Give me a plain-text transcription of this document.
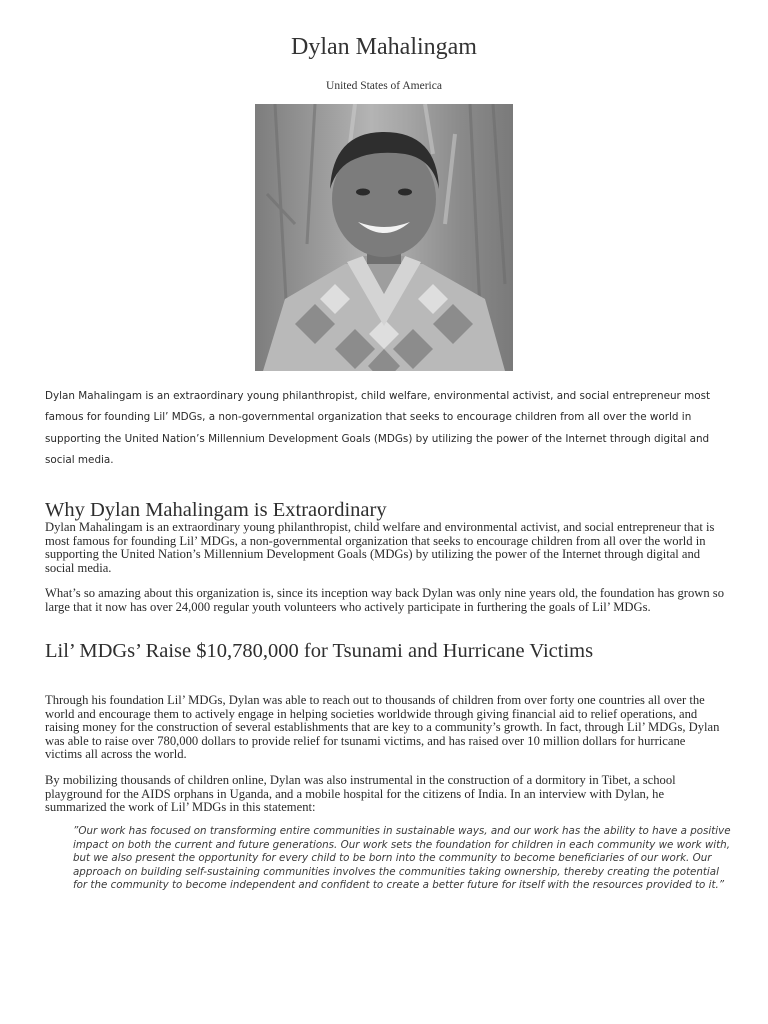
Dylan Mahalingam
United States of America

Dylan Mahalingam is an extraordinary young philanthropist, child welfare, environmental activist, and social entrepreneur most famous for founding Lil’ MDGs, a non-governmental organization that seeks to encourage children from all over the world in supporting the United Nation’s Millennium Development Goals (MDGs) by utilizing the power of the Internet through digital and social media.

Why Dylan Mahalingam is Extraordinary

Dylan Mahalingam is an extraordinary young philanthropist, child welfare and environmental activist, and social entrepreneur that is most famous for founding Lil’ MDGs, a non-governmental organization that seeks to encourage children from all over the world in supporting the United Nation’s Millennium Development Goals (MDGs) by utilizing the power of the Internet through digital and social media.

What’s so amazing about this organization is, since its inception way back Dylan was only nine years old, the foundation has grown so large that it now has over 24,000 regular youth volunteers who actively participate in furthering the goals of Lil’ MDGs.

Lil’ MDGs’ Raise $10,780,000 for Tsunami and Hurricane Victims

Through his foundation Lil’ MDGs, Dylan was able to reach out to thousands of children from over forty one countries all over the world and encourage them to actively engage in helping societies worldwide through giving financial aid to relief operations, and raising money for the construction of several establishments that are key to a community’s growth. In fact, through Lil’ MDGs, Dylan was able to raise over 780,000 dollars to provide relief for tsunami victims, and has raised over 10 million dollars for hurricane victims all across the world.

By mobilizing thousands of children online, Dylan was also instrumental in the construction of a dormitory in Tibet, a school playground for the AIDS orphans in Uganda, and a mobile hospital for the citizens of India. In an interview with Dylan, he summarized the work of Lil’ MDGs in this statement:

”Our work has focused on transforming entire communities in sustainable ways, and our work has the ability to have a positive impact on both the current and future generations. Our work sets the foundation for children in each community we work with, but we also present the opportunity for every child to be born into the community to become beneficiaries of our work. Our approach on building self-sustaining communities involves the communities taking ownership, thereby creating the potential for the community to become independent and confident to create a better future for itself with the resources provided to it.”
